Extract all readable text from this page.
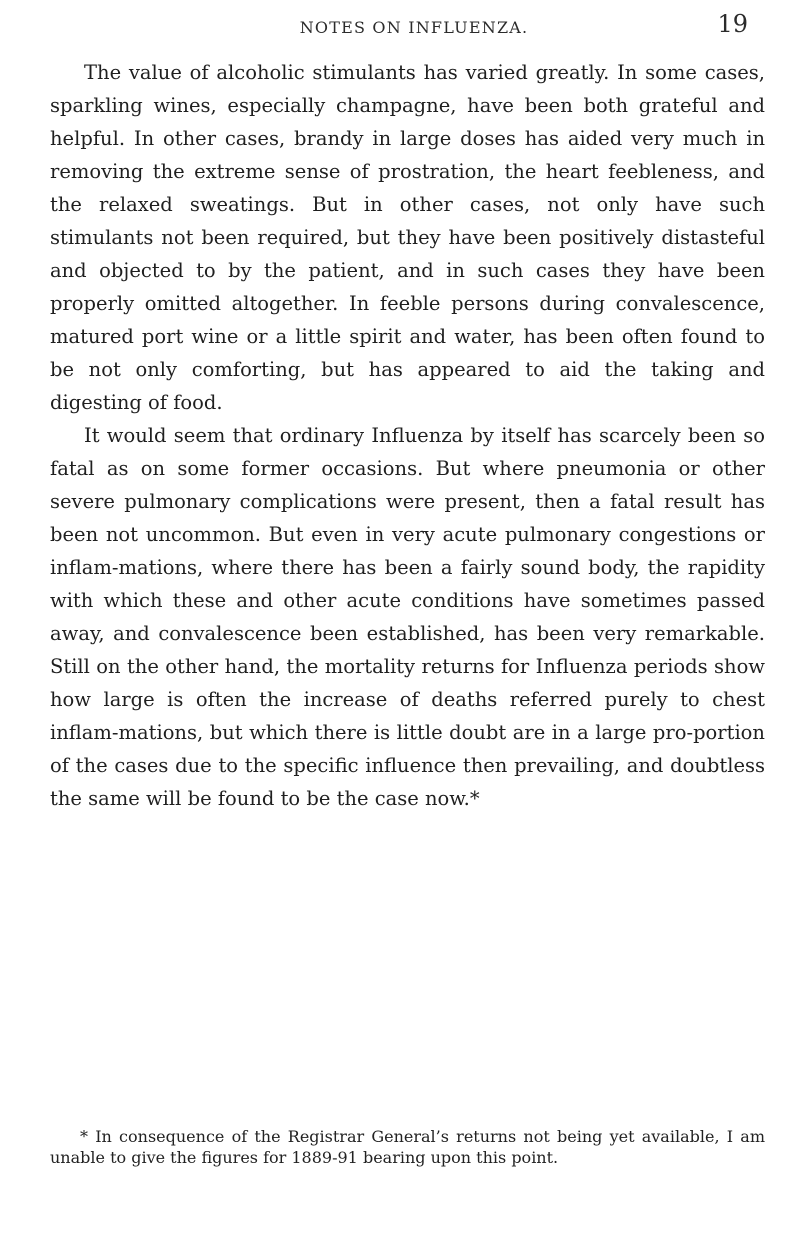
NOTES ON INFLUENZA.	19

The value of alcoholic stimulants has varied greatly. In some cases, sparkling wines, especially champagne, have been both grateful and helpful. In other cases, brandy in large doses has aided very much in removing the extreme sense of prostration, the heart feebleness, and the relaxed sweatings. But in other cases, not only have such stimulants not been required, but they have been positively distasteful and objected to by the patient, and in such cases they have been properly omitted altogether. In feeble persons during convalescence, matured port wine or a little spirit and water, has been often found to be not only comforting, but has appeared to aid the taking and digesting of food.

It would seem that ordinary Influenza by itself has scarcely been so fatal as on some former occasions. But where pneumonia or other severe pulmonary complications were present, then a fatal result has been not uncommon. But even in very acute pulmonary congestions or inflam-mations, where there has been a fairly sound body, the rapidity with which these and other acute conditions have sometimes passed away, and convalescence been established, has been very remarkable. Still on the other hand, the mortality returns for Influenza periods show how large is often the increase of deaths referred purely to chest inflam-mations, but which there is little doubt are in a large pro-portion of the cases due to the specific influence then prevailing, and doubtless the same will be found to be the case now.*

* In consequence of the Registrar General’s returns not being yet available, I am unable to give the figures for 1889-91 bearing upon this point.
